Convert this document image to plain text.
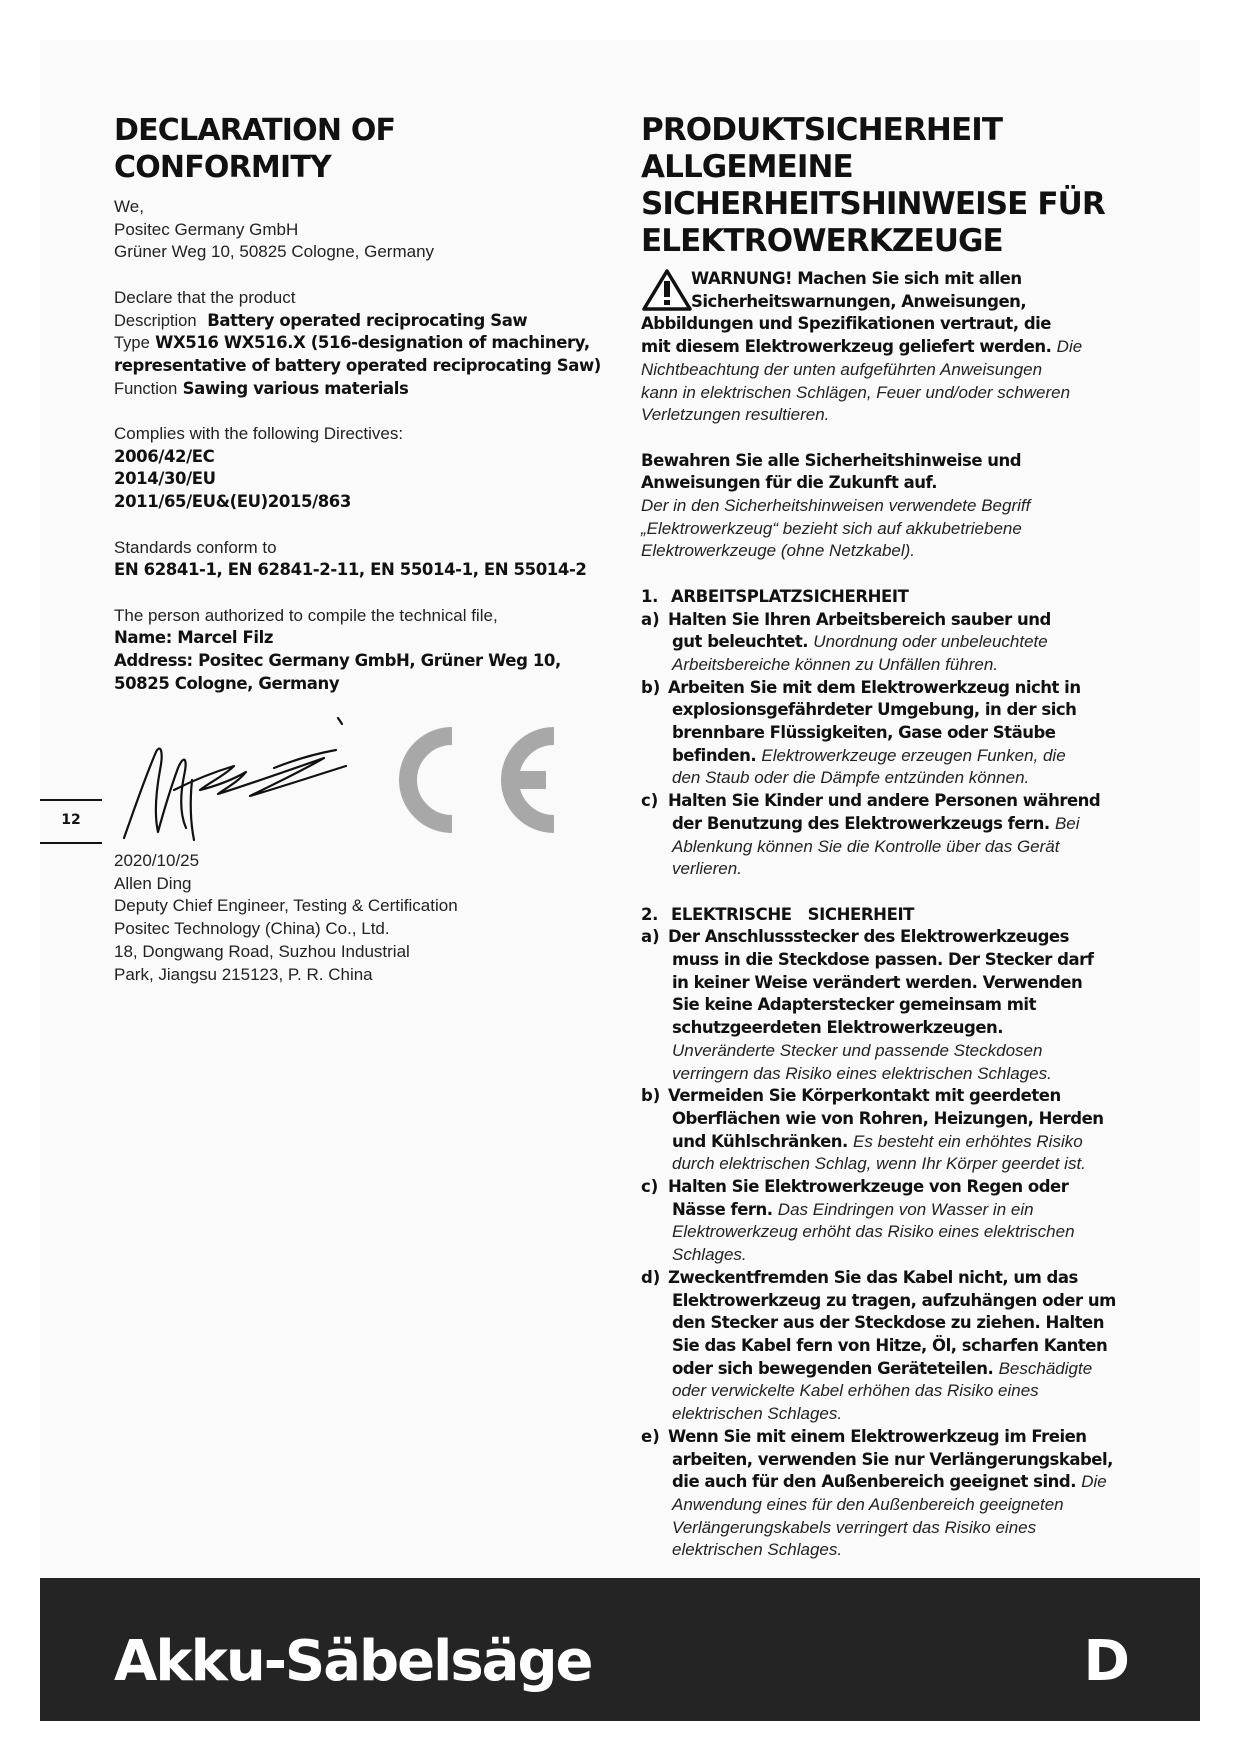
DECLARATION OF
CONFORMITY
We,
Positec Germany GmbH
Grüner Weg 10, 50825 Cologne, Germany
Declare that the product
Description Battery operated reciprocating Saw
Type WX516 WX516.X (516-designation of machinery,
representative of battery operated reciprocating Saw)
Function Sawing various materials
Complies with the following Directives:
2006/42/EC
2014/30/EU
2011/65/EU&(EU)2015/863
Standards conform to
EN 62841-1, EN 62841-2-11, EN 55014-1, EN 55014-2
The person authorized to compile the technical file,
Name: Marcel Filz
Address: Positec Germany GmbH, Grüner Weg 10,
50825 Cologne, Germany
CE
12
2020/10/25
Allen Ding
Deputy Chief Engineer, Testing & Certification
Positec Technology (China) Co., Ltd.
18, Dongwang Road, Suzhou Industrial
Park, Jiangsu 215123, P. R. China
PRODUKTSICHERHEIT
ALLGEMEINE
SICHERHEITSHINWEISE FÜR
ELEKTROWERKZEUGE
WARNUNG! Machen Sie sich mit allen
Sicherheitswarnungen, Anweisungen,
Abbildungen und Spezifikationen vertraut, die
mit diesem Elektrowerkzeug geliefert werden. Die
Nichtbeachtung der unten aufgeführten Anweisungen
kann in elektrischen Schlägen, Feuer und/oder schweren
Verletzungen resultieren.
Bewahren Sie alle Sicherheitshinweise und
Anweisungen für die Zukunft auf.
Der in den Sicherheitshinweisen verwendete Begriff
„Elektrowerkzeug“ bezieht sich auf akkubetriebene
Elektrowerkzeuge (ohne Netzkabel).
1. ARBEITSPLATZSICHERHEIT
a) Halten Sie Ihren Arbeitsbereich sauber und
gut beleuchtet. Unordnung oder unbeleuchtete
Arbeitsbereiche können zu Unfällen führen.
b) Arbeiten Sie mit dem Elektrowerkzeug nicht in
explosionsgefährdeter Umgebung, in der sich
brennbare Flüssigkeiten, Gase oder Stäube
befinden. Elektrowerkzeuge erzeugen Funken, die
den Staub oder die Dämpfe entzünden können.
c) Halten Sie Kinder und andere Personen während
der Benutzung des Elektrowerkzeugs fern. Bei
Ablenkung können Sie die Kontrolle über das Gerät
verlieren.
2. ELEKTRISCHE   SICHERHEIT
a) Der Anschlussstecker des Elektrowerkzeuges
muss in die Steckdose passen. Der Stecker darf
in keiner Weise verändert werden. Verwenden
Sie keine Adapterstecker gemeinsam mit
schutzgeerdeten Elektrowerkzeugen.
Unveränderte Stecker und passende Steckdosen
verringern das Risiko eines elektrischen Schlages.
b) Vermeiden Sie Körperkontakt mit geerdeten
Oberflächen wie von Rohren, Heizungen, Herden
und Kühlschränken. Es besteht ein erhöhtes Risiko
durch elektrischen Schlag, wenn Ihr Körper geerdet ist.
c) Halten Sie Elektrowerkzeuge von Regen oder
Nässe fern. Das Eindringen von Wasser in ein
Elektrowerkzeug erhöht das Risiko eines elektrischen
Schlages.
d) Zweckentfremden Sie das Kabel nicht, um das
Elektrowerkzeug zu tragen, aufzuhängen oder um
den Stecker aus der Steckdose zu ziehen. Halten
Sie das Kabel fern von Hitze, Öl, scharfen Kanten
oder sich bewegenden Geräteteilen. Beschädigte
oder verwickelte Kabel erhöhen das Risiko eines
elektrischen Schlages.
e) Wenn Sie mit einem Elektrowerkzeug im Freien
arbeiten, verwenden Sie nur Verlängerungskabel,
die auch für den Außenbereich geeignet sind. Die
Anwendung eines für den Außenbereich geeigneten
Verlängerungskabels verringert das Risiko eines
elektrischen Schlages.
Akku-Säbelsäge	D
